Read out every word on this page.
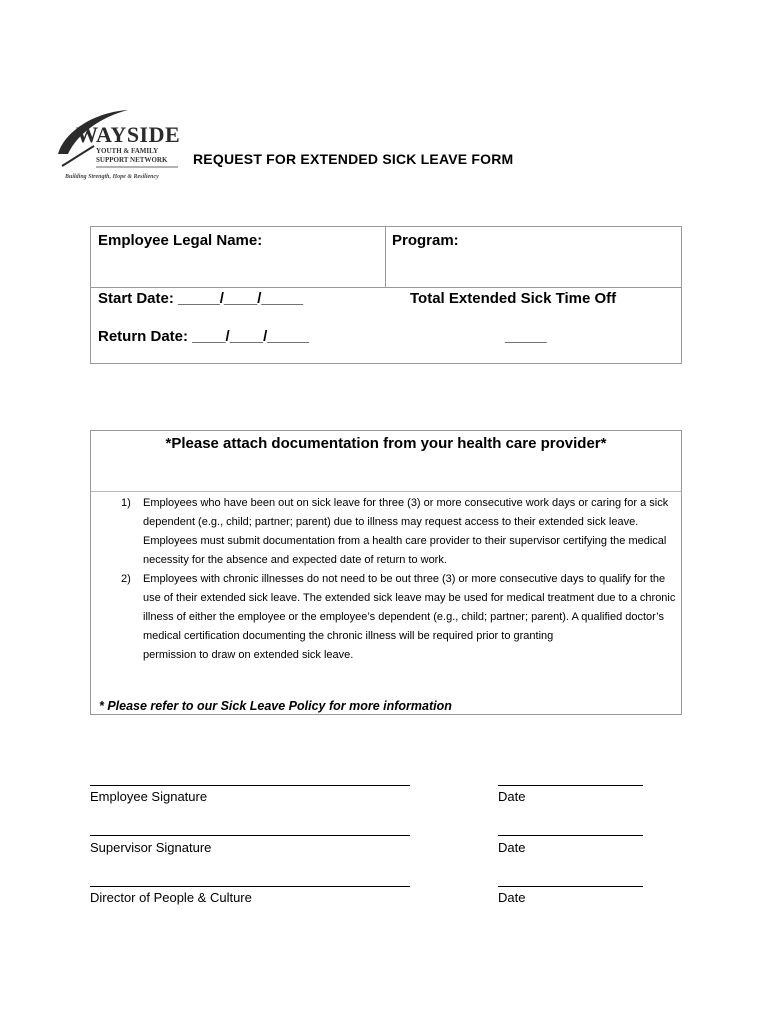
WAYSIDE
YOUTH & FAMILY
SUPPORT NETWORK
Building Strength, Hope & Resiliency
REQUEST FOR EXTENDED SICK LEAVE FORM
Employee Legal Name:	Program:
Start Date: _____/____/_____
Return Date: ____/____/_____
Total Extended Sick Time Off
_____
*Please attach documentation from your health care provider*
1) Employees who have been out on sick leave for three (3) or more consecutive work days or caring for a sick dependent (e.g., child; partner; parent) due to illness may request access to their extended sick leave. Employees must submit documentation from a health care provider to their supervisor certifying the medical necessity for the absence and expected date of return to work.
2) Employees with chronic illnesses do not need to be out three (3) or more consecutive days to qualify for the use of their extended sick leave. The extended sick leave may be used for medical treatment due to a chronic illness of either the employee or the employee’s dependent (e.g., child; partner; parent). A qualified doctor’s medical certification documenting the chronic illness will be required prior to granting
permission to draw on extended sick leave.
* Please refer to our Sick Leave Policy for more information
Employee Signature	Date
Supervisor Signature	Date
Director of People & Culture	Date
